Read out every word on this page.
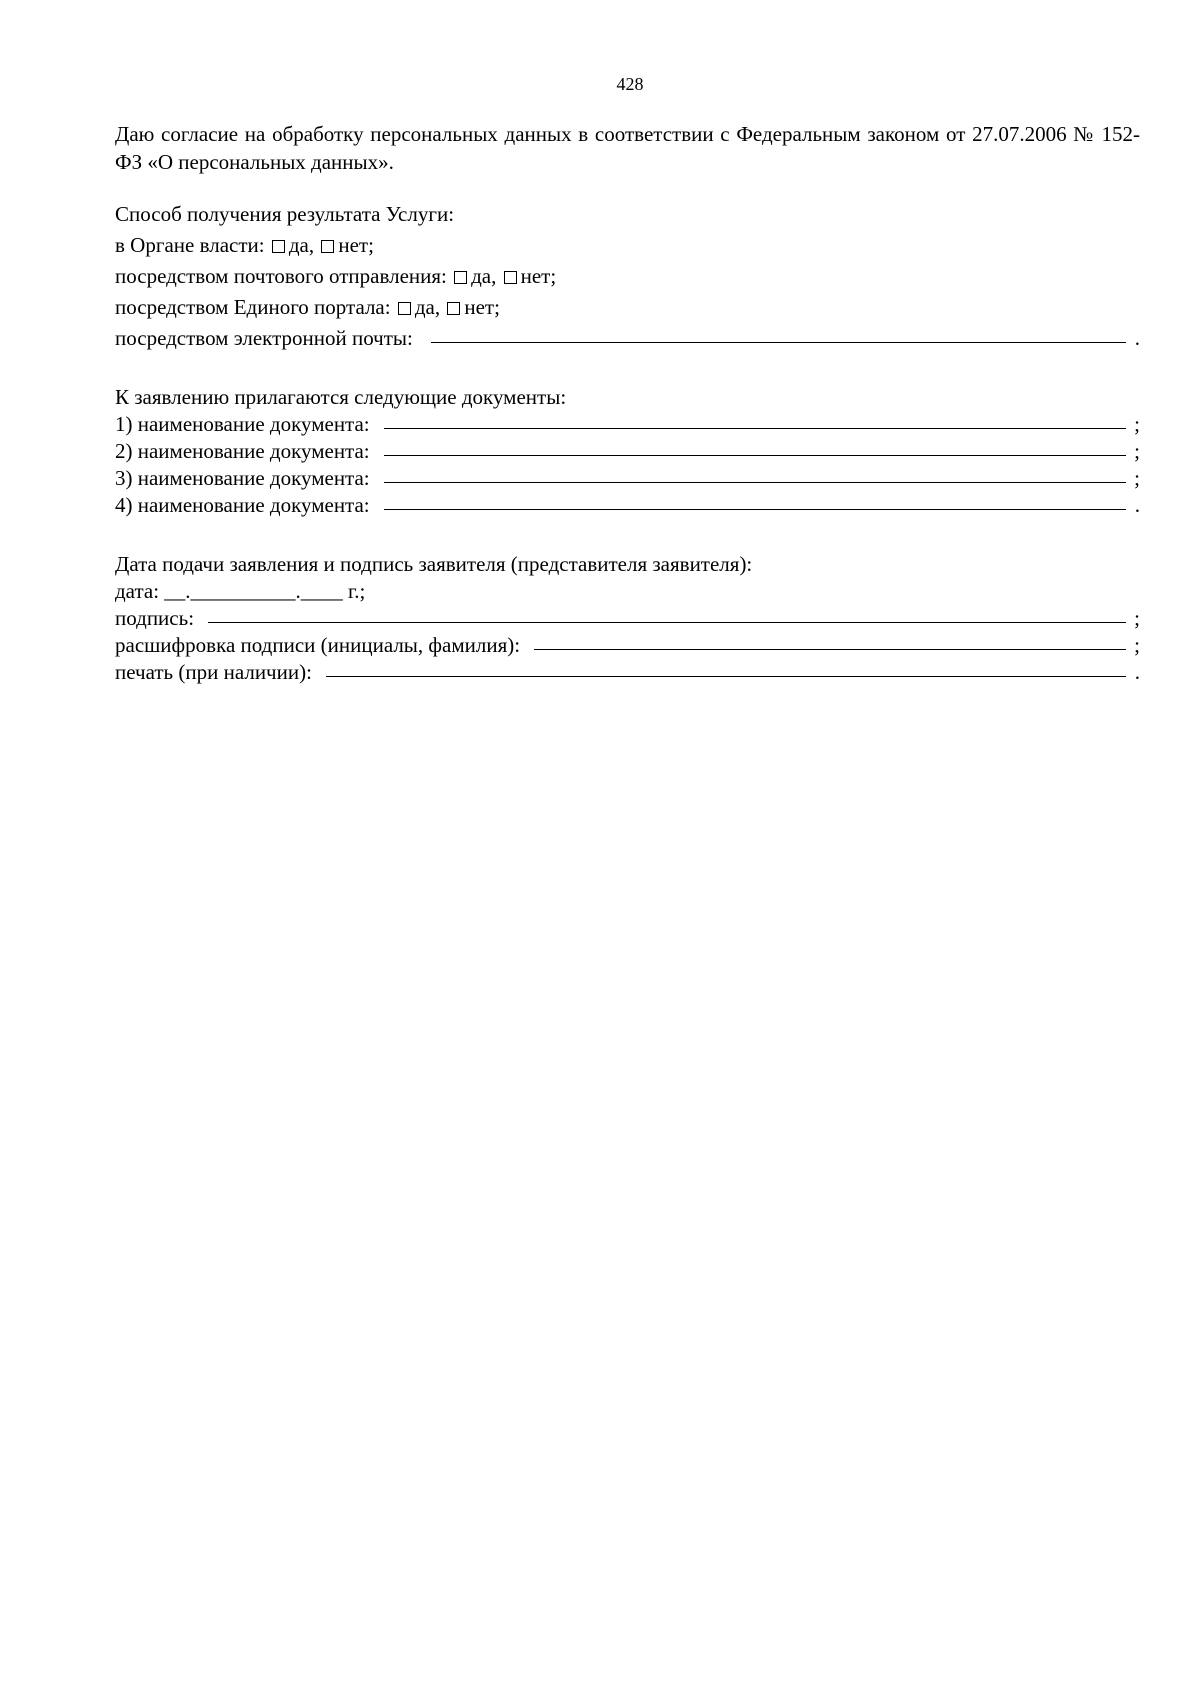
428
Даю согласие на обработку персональных данных в соответствии с Федеральным законом от 27.07.2006 № 152-ФЗ «О персональных данных».
Способ получения результата Услуги:
в Органе власти: да, нет;
посредством почтового отправления: да, нет;
посредством Единого портала: да, нет;
посредством электронной почты:	.
К заявлению прилагаются следующие документы:
1) наименование документа:	;
2) наименование документа:	;
3) наименование документа:	;
4) наименование документа:	.
Дата подачи заявления и подпись заявителя (представителя заявителя):
дата: __.__________.____ г.;
подпись:	;
расшифровка подписи (инициалы, фамилия):	;
печать (при наличии):	.
